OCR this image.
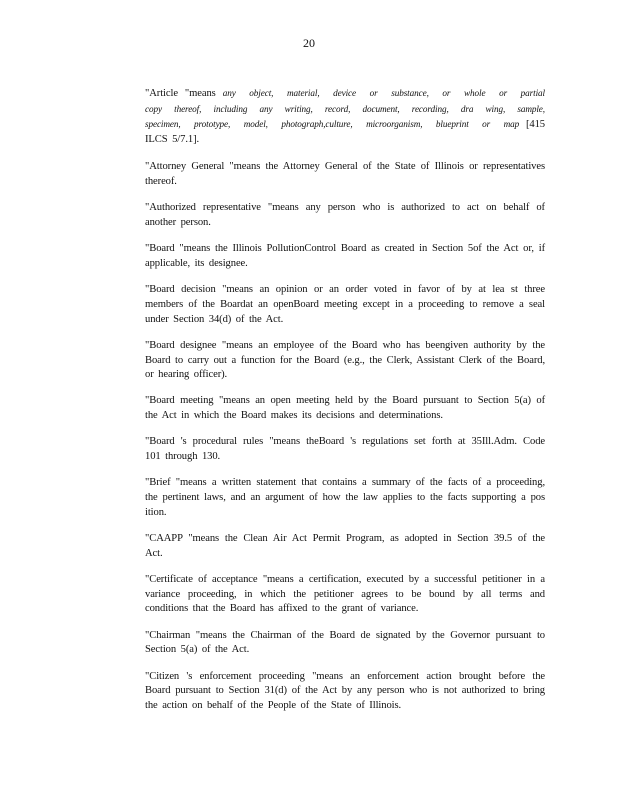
20

"Article "means any object, material, device or substance, or whole or partial copy thereof, including any writing, record, document, recording, dra wing, sample, specimen, prototype, model, photograph,culture, microorganism, blueprint or map [415 ILCS 5/7.1].

"Attorney General "means the Attorney General of the State of Illinois or representatives thereof.

"Authorized representative "means any person who is authorized to act on behalf of another person.

"Board "means the Illinois PollutionControl Board as created in Section 5of the Act or, if applicable, its designee.

"Board decision "means an opinion or an order voted in favor of by at lea st three members of the Boardat an openBoard meeting except in a proceeding to remove a seal under Section 34(d) of the Act.

"Board designee "means an employee of the Board who has beengiven authority by the Board to carry out a function for the Board (e.g., the Clerk, Assistant Clerk of the Board, or hearing officer).

"Board meeting "means an open meeting held by the Board pursuant to Section 5(a) of the Act in which the Board makes its decisions and determinations.

"Board 's procedural rules "means theBoard 's regulations set forth at 35Ill.Adm. Code 101 through 130.

"Brief "means a written statement that contains a summary of the facts of a proceeding, the pertinent laws, and an argument of how the law applies to the facts supporting a pos ition.

"CAAPP "means the Clean Air Act Permit Program, as adopted in Section 39.5 of the Act.

"Certificate of acceptance "means a certification, executed by a successful petitioner in a variance proceeding, in which the petitioner agrees to be bound by all terms and conditions that the Board has affixed to the grant of variance.

"Chairman "means the Chairman of the Board de signated by the Governor pursuant to Section 5(a) of the Act.

"Citizen 's enforcement proceeding "means an enforcement action brought before the Board pursuant to Section 31(d) of the Act by any person who is not authorized to bring the action on behalf of the People of the State of Illinois.
